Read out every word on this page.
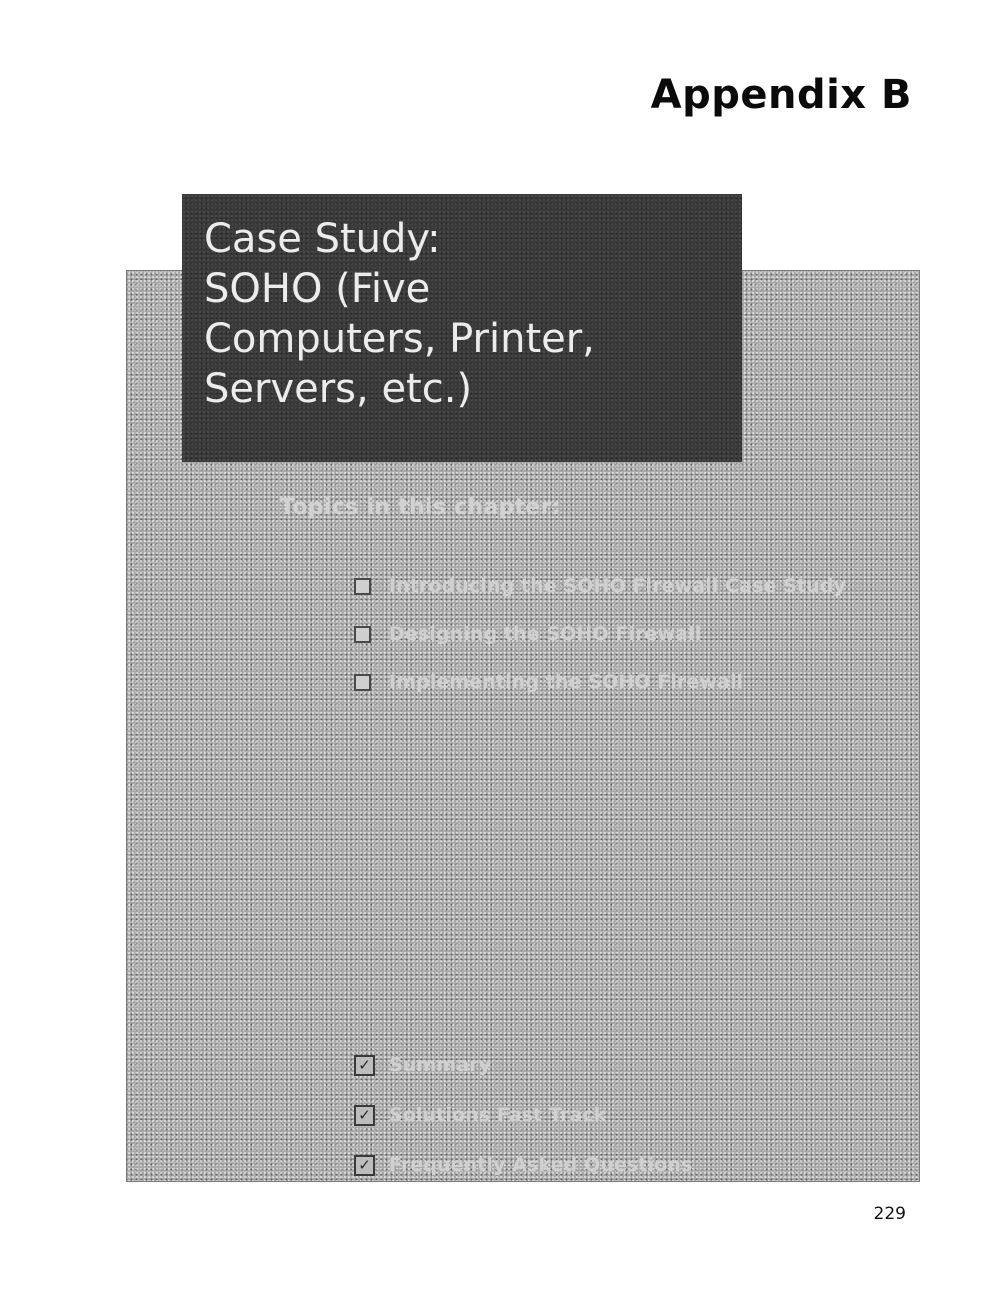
Appendix B
Case Study:
SOHO (Five
Computers, Printer,
Servers, etc.)
Topics in this chapter:
Introducing the SOHO Firewall Case Study
Designing the SOHO Firewall
Implementing the SOHO Firewall
✓ Summary
✓ Solutions Fast Track
✓ Frequently Asked Questions
229
